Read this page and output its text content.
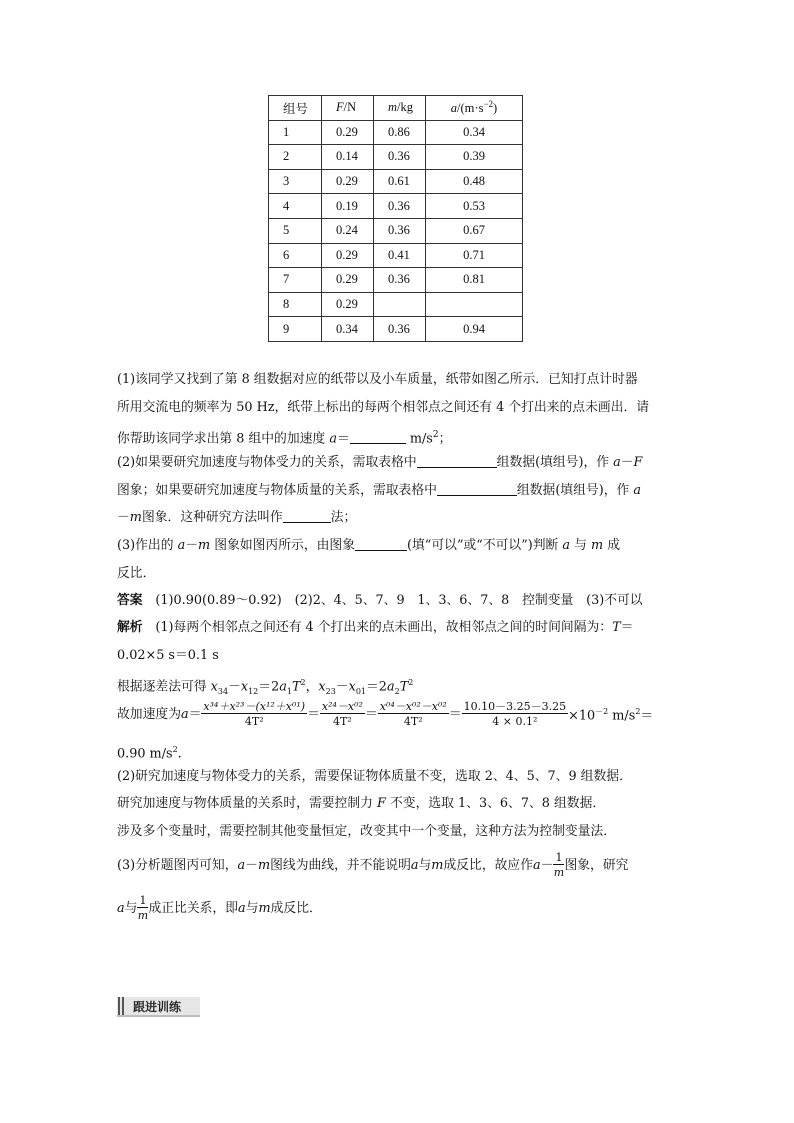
组号	F/N	m/kg	$a/(m\cdot s^{-2})$
1	0.29	0.86	0.34
2	0.14	0.36	0.39
3	0.29	0.61	0.48
4	0.19	0.36	0.53
5	0.24	0.36	0.67
6	0.29	0.41	0.71
7	0.29	0.36	0.81
8	0.29		
9	0.34	0.36	0.94
(1)该同学又找到了第 8 组数据对应的纸带以及小车质量，纸带如图乙所示．已知打点计时器
所用交流电的频率为 50 Hz，纸带上标出的每两个相邻点之间还有 4 个打出来的点未画出．请
你帮助该同学求出第 8 组中的加速度 a＝	$m/s^2$；
(2)如果要研究加速度与物体受力的关系，需取表格中	组数据(填组号)，作 a－F
图象；如果要研究加速度与物体质量的关系，需取表格中	组数据(填组号)，作 a
－m图象．这种研究方法叫作	法；
(3)作出的 a－m 图象如图丙所示，由图象	(填“可以”或“不可以”)判断 a 与 m 成
反比．
答案　 (1)0.90(0.89～0.92)　(2)2、4、5、7、9　1、3、6、7、8　控制变量　(3)不可以
解析　 (1)每两个相邻点之间还有 4 个打出来的点未画出，故相邻点之间的时间间隔为：T＝
0.02×5 s＝0.1 s
根据逐差法可得 $x_{34}-x_{12}=2a_1T^2$，$x_{23}-x_{01}=2a_2T^2$
故加速度为$a= \frac{\text{x³⁴＋x²³－(x¹²＋x⁰¹)}}{\text{4T²}} = \frac{\text{x²⁴－x⁰²}}{\text{4T²}} = \frac{\text{x⁰⁴－x⁰²－x⁰²}}{\text{4T²}} = \frac{10.10-3.25-3.25}{\text{4 × 0.1²}} \times 10^{-2}$ $m/s^2=$
0.90 $m/s^2$.
(2)研究加速度与物体受力的关系，需要保证物体质量不变，选取 2、4、5、7、9 组数据．
研究加速度与物体质量的关系时，需要控制力 F 不变，选取 1、3、6、7、8 组数据．
涉及多个变量时，需要控制其他变量恒定，改变其中一个变量，这种方法为控制变量法．
(3)分析题图丙可知，a－m图线为曲线，并不能说明a与m成反比，故应作$a- \frac{1}{m}$ 图象，研究
a与 $\frac{1}{m}$ 成正比关系，即a与m成反比．
跟进训练
